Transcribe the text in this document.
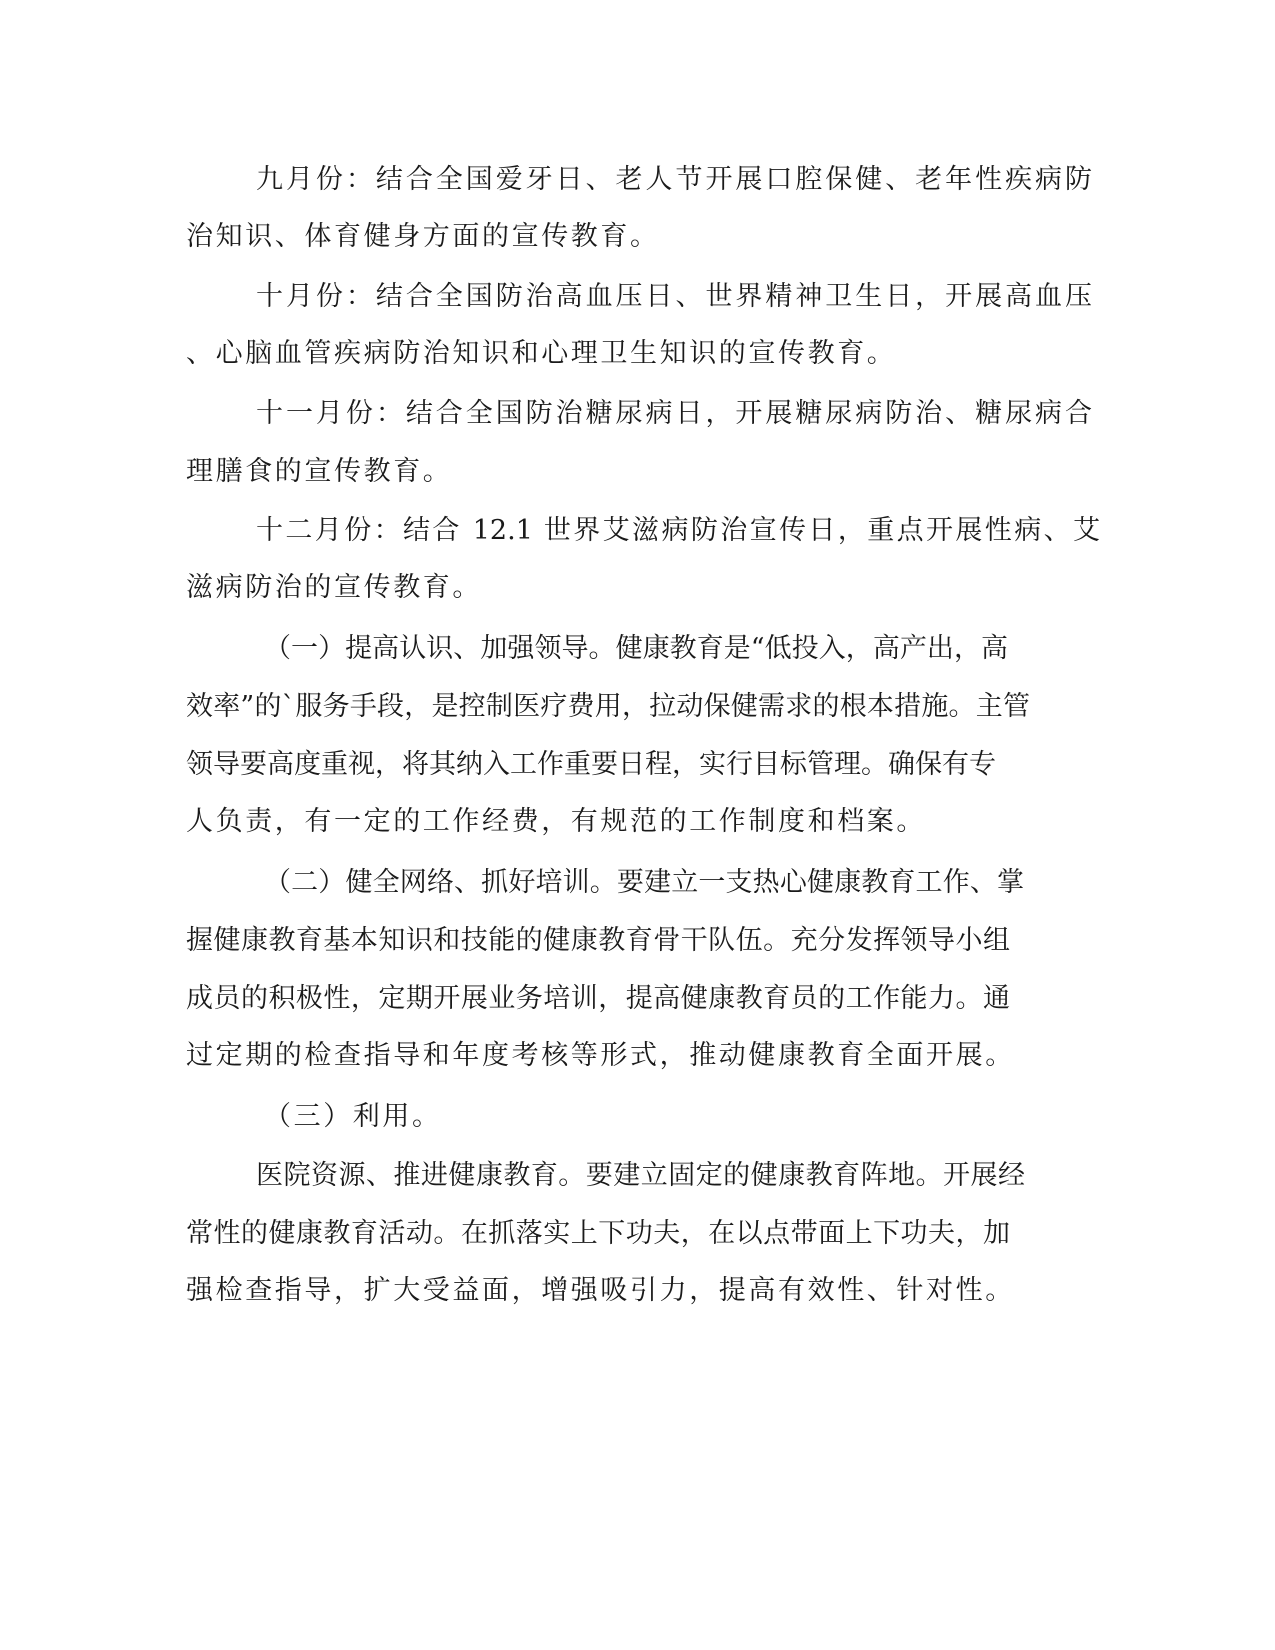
九月份：结合全国爱牙日、老人节开展口腔保健、老年性疾病防
治知识、体育健身方面的宣传教育。
十月份：结合全国防治高血压日、世界精神卫生日，开展高血压
、心脑血管疾病防治知识和心理卫生知识的宣传教育。
十一月份：结合全国防治糖尿病日，开展糖尿病防治、糖尿病合
理膳食的宣传教育。
十二月份：结合 12.1 世界艾滋病防治宣传日，重点开展性病、艾
滋病防治的宣传教育。
（一）提高认识、加强领导。健康教育是“低投入，高产出，高
效率”的`服务手段，是控制医疗费用，拉动保健需求的根本措施。主管
领导要高度重视，将其纳入工作重要日程，实行目标管理。确保有专
人负责，有一定的工作经费，有规范的工作制度和档案。
（二）健全网络、抓好培训。要建立一支热心健康教育工作、掌
握健康教育基本知识和技能的健康教育骨干队伍。充分发挥领导小组
成员的积极性，定期开展业务培训，提高健康教育员的工作能力。通
过定期的检查指导和年度考核等形式，推动健康教育全面开展。
（三）利用。
医院资源、推进健康教育。要建立固定的健康教育阵地。开展经
常性的健康教育活动。在抓落实上下功夫，在以点带面上下功夫，加
强检查指导，扩大受益面，增强吸引力，提高有效性、针对性。
